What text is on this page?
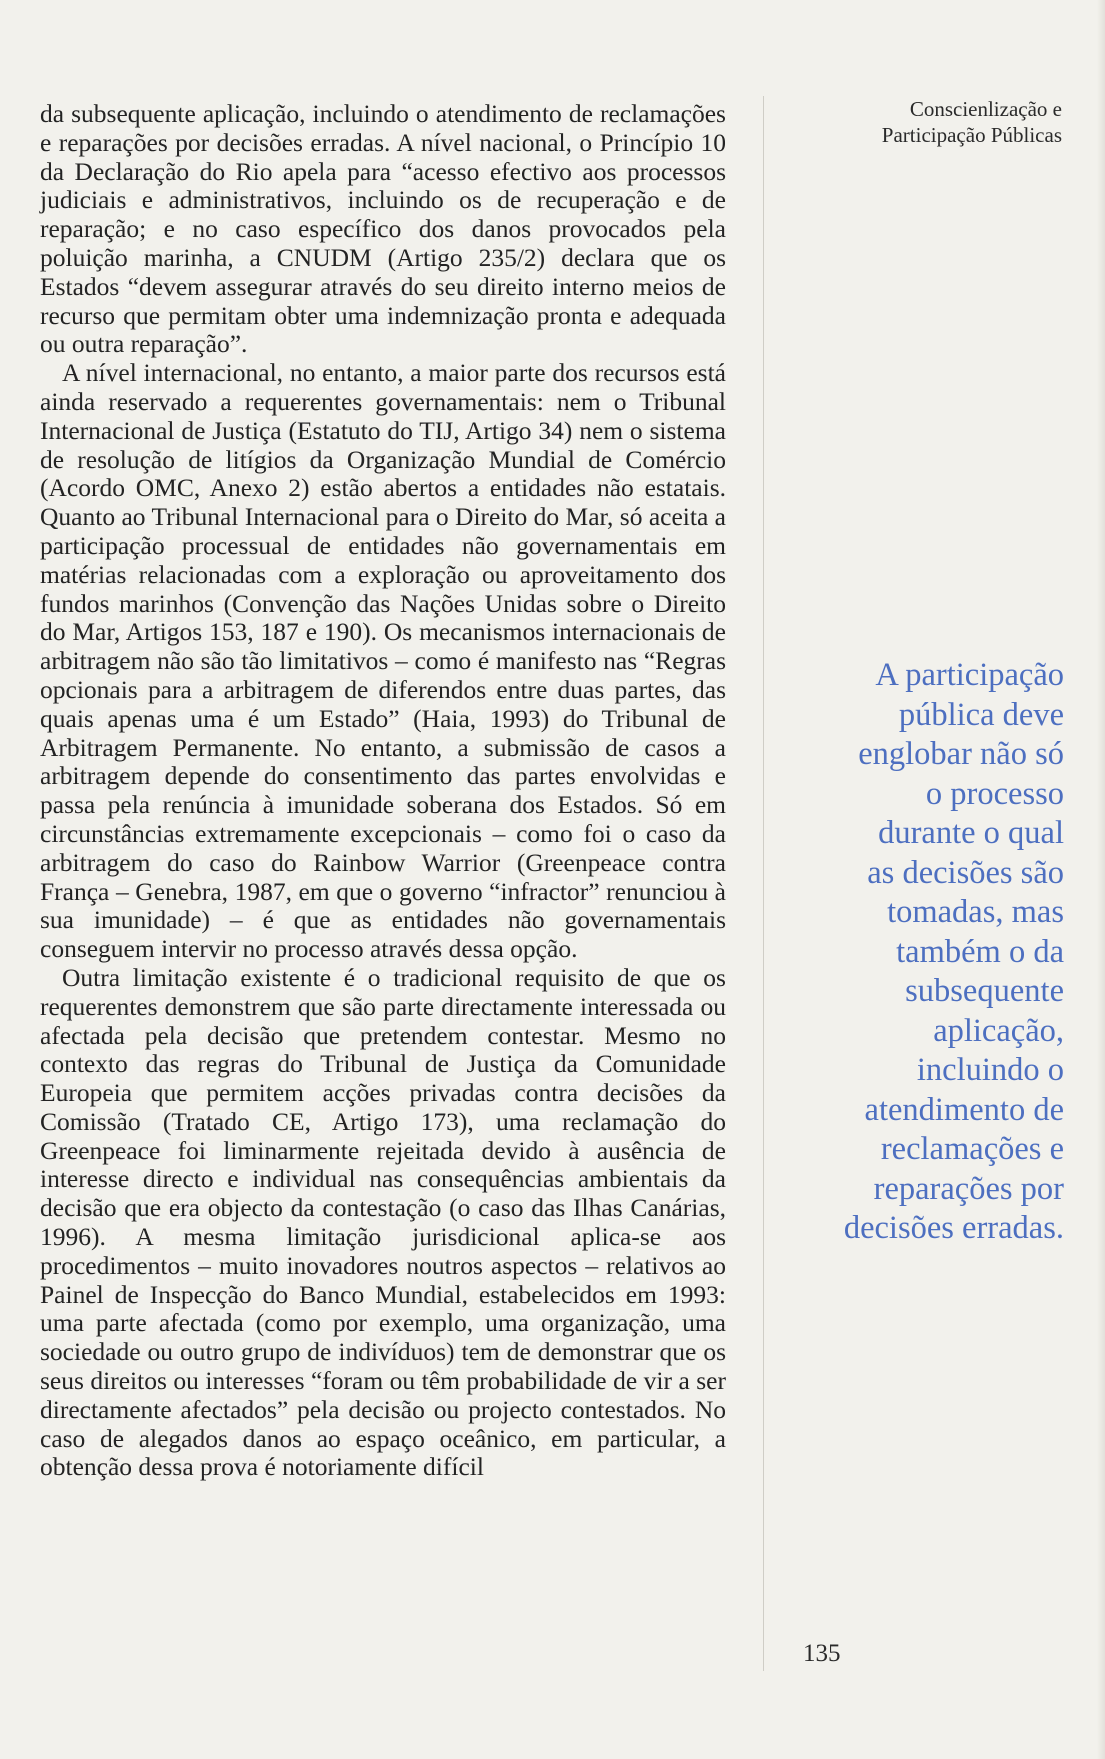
da subsequente aplicação, incluindo o atendimento de reclamações e reparações por decisões erradas. A nível nacional, o Princípio 10 da Declaração do Rio apela para “acesso efectivo aos processos judiciais e administrativos, incluindo os de recuperação e de reparação; e no caso específico dos danos provocados pela poluição marinha, a CNUDM (Artigo 235/2) declara que os Estados “devem assegurar através do seu direito interno meios de recurso que permitam obter uma indemnização pronta e adequada ou outra reparação”.

A nível internacional, no entanto, a maior parte dos recursos está ainda reservado a requerentes governamentais: nem o Tribunal Internacional de Justiça (Estatuto do TIJ, Artigo 34) nem o sistema de resolução de litígios da Organização Mundial de Comércio (Acordo OMC, Anexo 2) estão abertos a entidades não estatais. Quanto ao Tribunal Internacional para o Direito do Mar, só aceita a participação processual de entidades não governamentais em matérias relacionadas com a exploração ou aproveitamento dos fundos marinhos (Convenção das Nações Unidas sobre o Direito do Mar, Artigos 153, 187 e 190). Os mecanismos internacionais de arbitragem não são tão limitativos – como é manifesto nas “Regras opcionais para a arbitragem de diferendos entre duas partes, das quais apenas uma é um Estado” (Haia, 1993) do Tribunal de Arbitragem Permanente. No entanto, a submissão de casos a arbitragem depende do consentimento das partes envolvidas e passa pela renúncia à imunidade soberana dos Estados. Só em circunstâncias extremamente excepcionais – como foi o caso da arbitragem do caso do Rainbow Warrior (Greenpeace contra França – Genebra, 1987, em que o governo “infractor” renunciou à sua imunidade) – é que as entidades não governamentais conseguem intervir no processo através dessa opção.

Outra limitação existente é o tradicional requisito de que os requerentes demonstrem que são parte directamente interessada ou afectada pela decisão que pretendem contestar. Mesmo no contexto das regras do Tribunal de Justiça da Comunidade Europeia que permitem acções privadas contra decisões da Comissão (Tratado CE, Artigo 173), uma reclamação do Greenpeace foi liminarmente rejeitada devido à ausência de interesse directo e individual nas consequências ambientais da decisão que era objecto da contestação (o caso das Ilhas Canárias, 1996). A mesma limitação jurisdicional aplica-se aos procedimentos – muito inovadores noutros aspectos – relativos ao Painel de Inspecção do Banco Mundial, estabelecidos em 1993: uma parte afectada (como por exemplo, uma organização, uma sociedade ou outro grupo de indivíduos) tem de demonstrar que os seus direitos ou interesses “foram ou têm probabilidade de vir a ser directamente afectados” pela decisão ou projecto contestados. No caso de alegados danos ao espaço oceânico, em particular, a obtenção dessa prova é notoriamente difícil

Conscienlização e
Participação Públicas
A participação
pública deve
englobar não só
o processo
durante o qual
as decisões são
tomadas, mas
também o da
subsequente
aplicação,
incluindo o
atendimento de
reclamações e
reparações por
decisões erradas.
135
